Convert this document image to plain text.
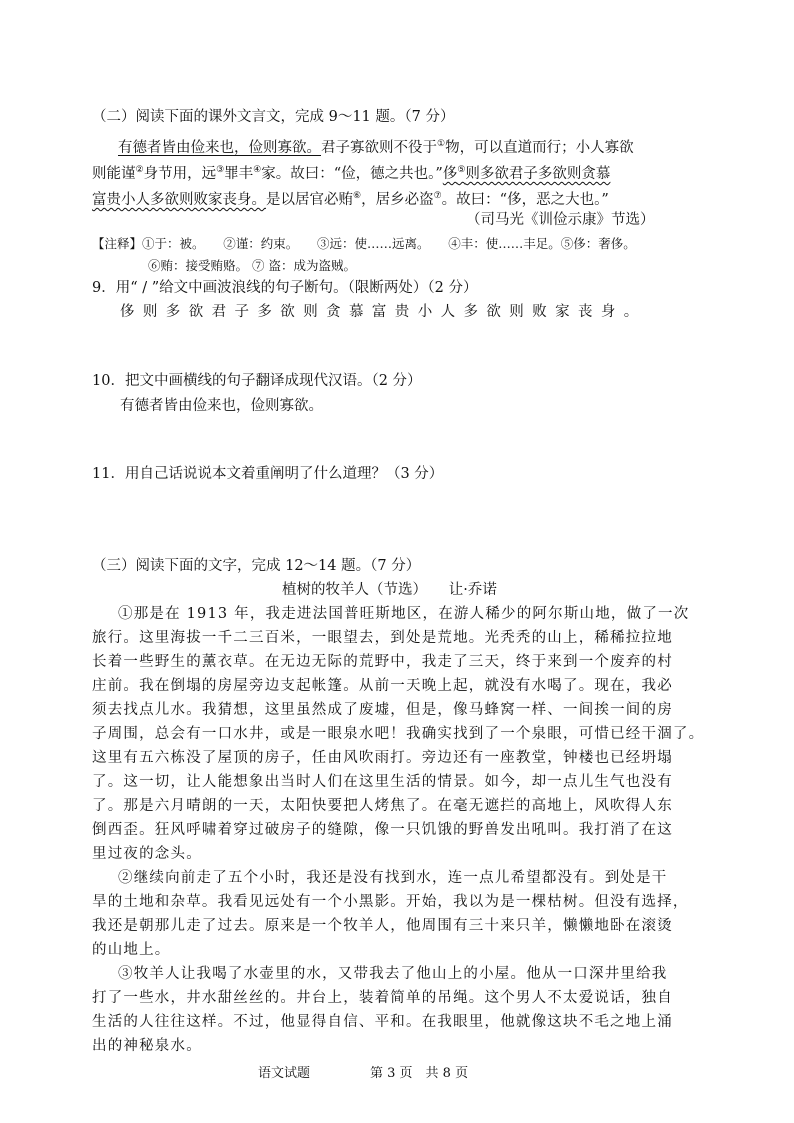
（二）阅读下面的课外文言文，完成 9～11 题。（7 分）
有德者皆由俭来也，俭则寡欲。君子寡欲则不役于①物，可以直道而行；小人寡欲
则能谨②身节用，远③罪丰④家。故曰：“俭，德之共也。”侈⑤则多欲君子多欲则贪慕
富贵小人多欲则败家丧身。是以居官必贿⑥，居乡必盗⑦。故曰：“侈，恶之大也。”
（司马光《训俭示康》节选）
【注释】①于：被。　　②谨：约束。　　③远：使……远离。　　④丰：使……丰足。⑤侈：奢侈。
⑥贿：接受贿赂。 ⑦ 盗：成为盗贼。
9．用“ / ”给文中画波浪线的句子断句。（限断两处）（2 分）
侈则多欲君子多欲则贪慕富贵小人多欲则败家丧身。
10．把文中画横线的句子翻译成现代汉语。（2 分）
有德者皆由俭来也，俭则寡欲。
11．用自己话说说本文着重阐明了什么道理？（3 分）
（三）阅读下面的文字，完成 12～14 题。（7 分）
植树的牧羊人（节选）　　让·乔诺
①那是在 1913 年，我走进法国普旺斯地区，在游人稀少的阿尔斯山地，做了一次
旅行。这里海拔一千二三百米，一眼望去，到处是荒地。光秃秃的山上，稀稀拉拉地
长着一些野生的薰衣草。在无边无际的荒野中，我走了三天，终于来到一个废弃的村
庄前。我在倒塌的房屋旁边支起帐篷。从前一天晚上起，就没有水喝了。现在，我必
须去找点儿水。我猜想，这里虽然成了废墟，但是，像马蜂窝一样、一间挨一间的房
子周围，总会有一口水井，或是一眼泉水吧！我确实找到了一个泉眼，可惜已经干涸了。
这里有五六栋没了屋顶的房子，任由风吹雨打。旁边还有一座教堂，钟楼也已经坍塌
了。这一切，让人能想象出当时人们在这里生活的情景。如今，却一点儿生气也没有
了。那是六月晴朗的一天，太阳快要把人烤焦了。在毫无遮拦的高地上，风吹得人东
倒西歪。狂风呼啸着穿过破房子的缝隙，像一只饥饿的野兽发出吼叫。我打消了在这
里过夜的念头。
②继续向前走了五个小时，我还是没有找到水，连一点儿希望都没有。到处是干
旱的土地和杂草。我看见远处有一个小黑影。开始，我以为是一棵枯树。但没有选择，
我还是朝那儿走了过去。原来是一个牧羊人，他周围有三十来只羊，懒懒地卧在滚烫
的山地上。
③牧羊人让我喝了水壶里的水，又带我去了他山上的小屋。他从一口深井里给我
打了一些水，井水甜丝丝的。井台上，装着简单的吊绳。这个男人不太爱说话，独自
生活的人往往这样。不过，他显得自信、平和。在我眼里，他就像这块不毛之地上涌
出的神秘泉水。
语文试题	第 3 页　共 8 页
